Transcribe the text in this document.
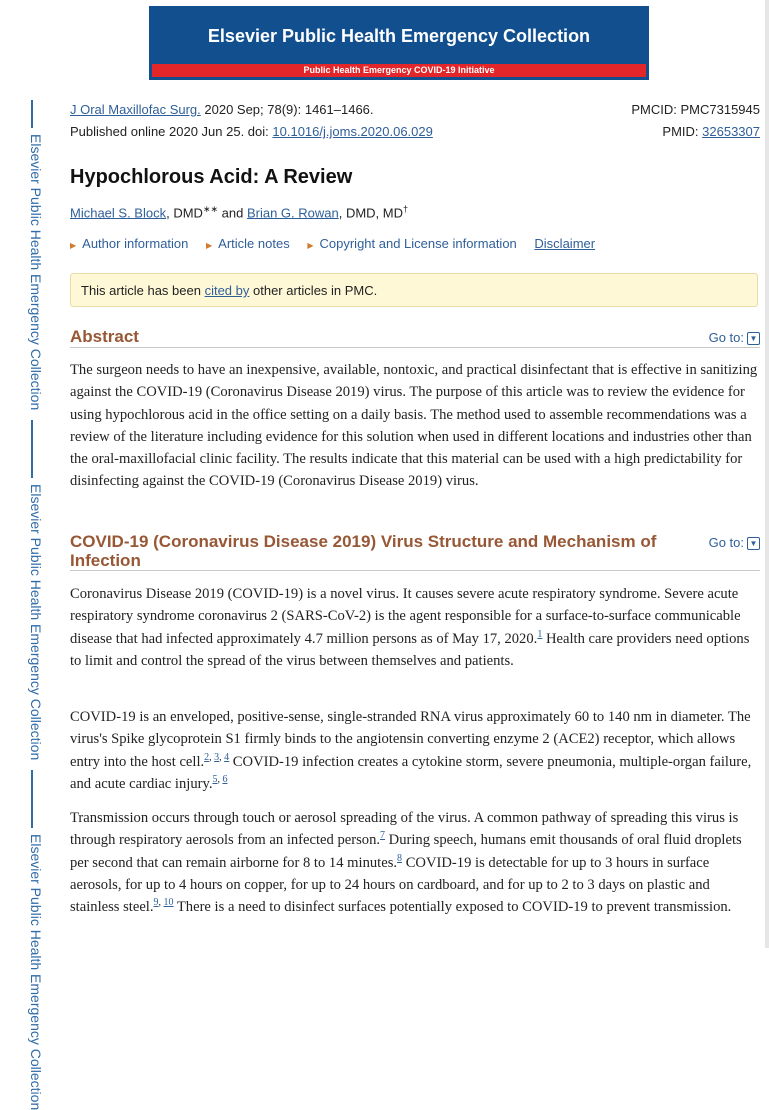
Elsevier Public Health Emergency Collection
Elsevier Public Health Emergency Collection
Elsevier Public Health Emergency Collection
Elsevier Public Health Emergency Collection
Public Health Emergency COVID-19 Initiative
J Oral Maxillofac Surg. 2020 Sep; 78(9): 1461–1466.
Published online 2020 Jun 25. doi: 10.1016/j.joms.2020.06.029
PMCID: PMC7315945
PMID: 32653307
Hypochlorous Acid: A Review
Michael S. Block, DMD∗∗ and Brian G. Rowan, DMD, MD†
▶ Author information ▶ Article notes ▶ Copyright and License information Disclaimer
This article has been cited by other articles in PMC.
Abstract	Go to: ▼

The surgeon needs to have an inexpensive, available, nontoxic, and practical disinfectant that is effective in sanitizing against the COVID-19 (Coronavirus Disease 2019) virus. The purpose of this article was to review the evidence for using hypochlorous acid in the office setting on a daily basis. The method used to assemble recommendations was a review of the literature including evidence for this solution when used in different locations and industries other than the oral-maxillofacial clinic facility. The results indicate that this material can be used with a high predictability for disinfecting against the COVID-19 (Coronavirus Disease 2019) virus.

COVID-19 (Coronavirus Disease 2019) Virus Structure and Mechanism of Infection
Go to: ▼

Coronavirus Disease 2019 (COVID-19) is a novel virus. It causes severe acute respiratory syndrome. Severe acute respiratory syndrome coronavirus 2 (SARS-CoV-2) is the agent responsible for a surface-to-surface communicable disease that had infected approximately 4.7 million persons as of May 17, 2020.$^1$ Health care providers need options to limit and control the spread of the virus between themselves and patients.

COVID-19 is an enveloped, positive-sense, single-stranded RNA virus approximately 60 to 140 nm in diameter. The virus's Spike glycoprotein S1 firmly binds to the angiotensin converting enzyme 2 (ACE2) receptor, which allows entry into the host cell.$^{2, 3, 4}$ COVID-19 infection creates a cytokine storm, severe pneumonia, multiple-organ failure, and acute cardiac injury.$^{5, 6}$

Transmission occurs through touch or aerosol spreading of the virus. A common pathway of spreading this virus is through respiratory aerosols from an infected person.$^7$ During speech, humans emit thousands of oral fluid droplets per second that can remain airborne for 8 to 14 minutes.$^8$ COVID-19 is detectable for up to 3 hours in surface aerosols, for up to 4 hours on copper, for up to 24 hours on cardboard, and for up to 2 to 3 days on plastic and stainless steel.$^{9, 10}$ There is a need to disinfect surfaces potentially exposed to COVID-19 to prevent transmission.
